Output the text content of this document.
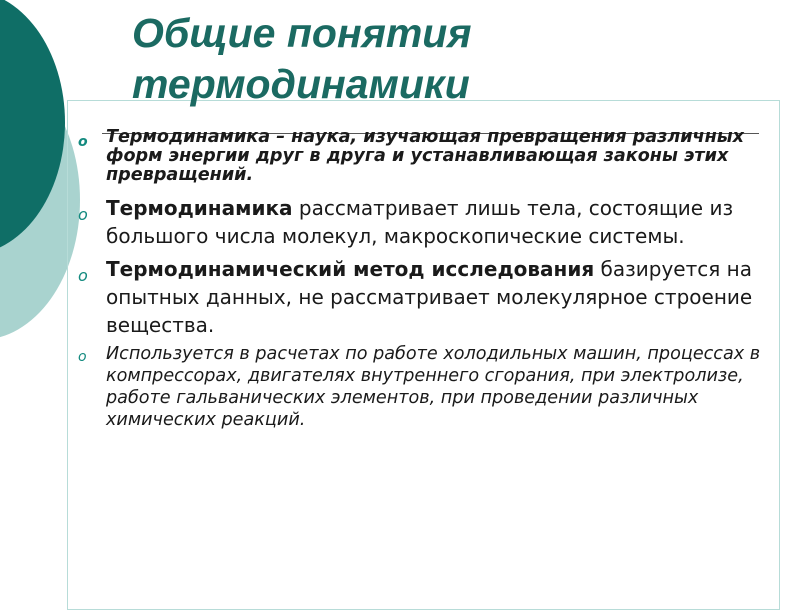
Общие понятия
термодинамики
o Термодинамика – наука, изучающая превращения различных форм энергии друг в друга и устанавливающая законы этих превращений.
o Термодинамика рассматривает лишь тела, состоящие из большого числа молекул, макроскопические системы.
o Термодинамический метод исследования базируется на опытных данных, не рассматривает молекулярное строение вещества.
o Используется в расчетах по работе холодильных машин, процессах в компрессорах, двигателях внутреннего сгорания, при электролизе, работе гальванических элементов, при проведении различных химических реакций.
